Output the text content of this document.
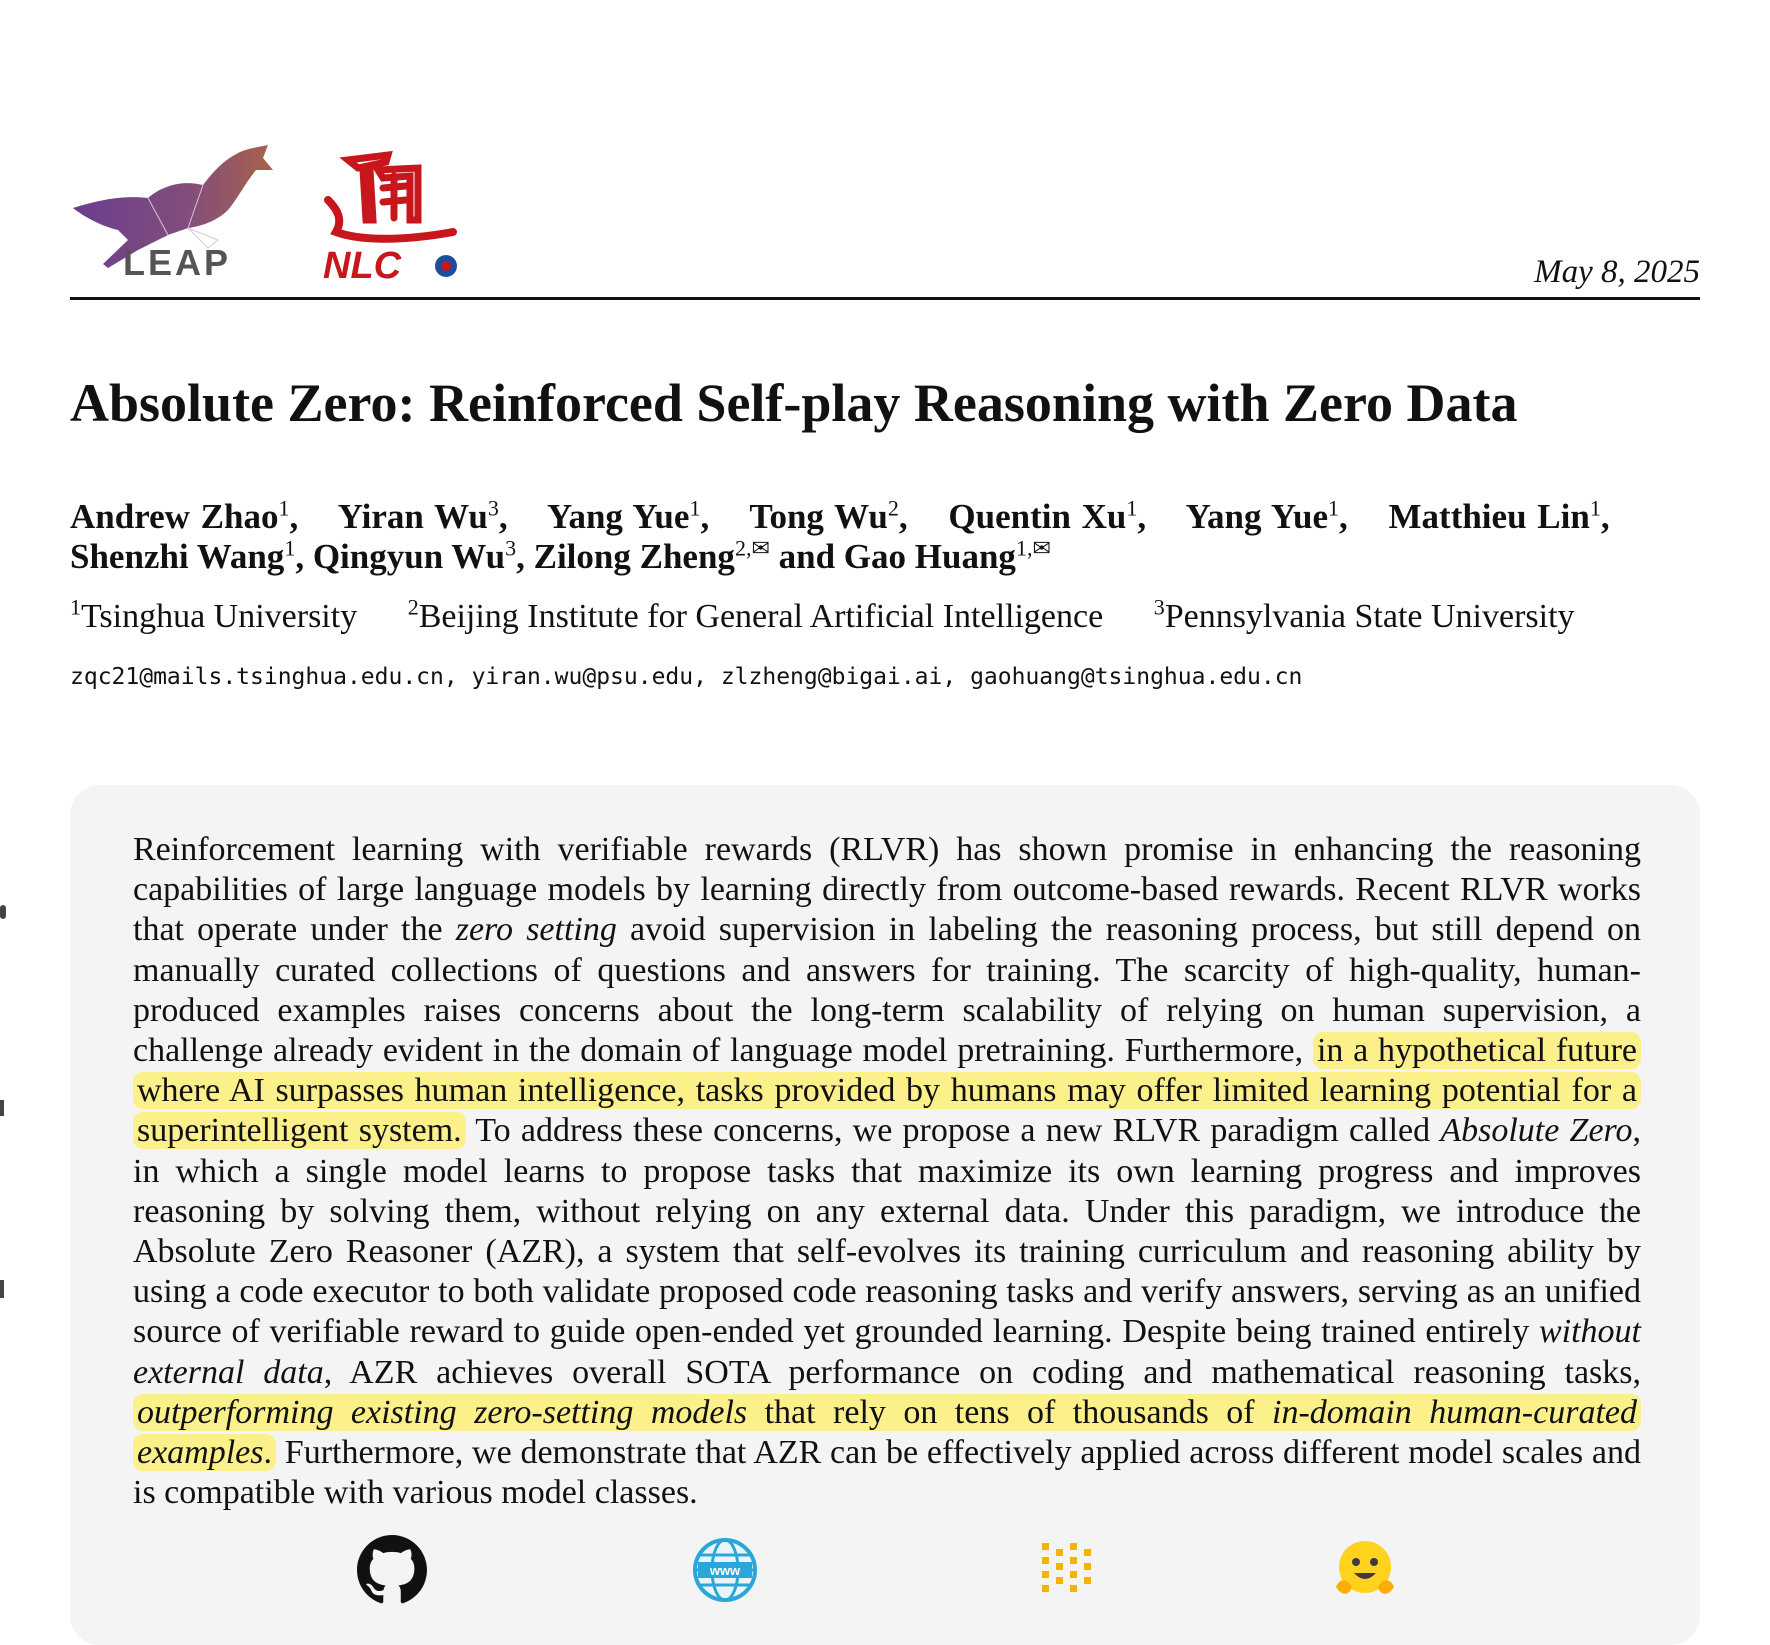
LEAP NLC	May 8, 2025
Absolute Zero: Reinforced Self-play Reasoning with Zero Data
Andrew Zhao$^1$, Yiran Wu$^3$, Yang Yue$^1$, Tong Wu$^2$, Quentin Xu$^1$, Yang Yue$^1$, Matthieu Lin$^1$,
Shenzhi Wang$^1$, Qingyun Wu$^3$, Zilong Zheng$^{2,✉}$ and Gao Huang$^{1,✉}$
$^1$Tsinghua University $^2$Beijing Institute for General Artificial Intelligence $^3$Pennsylvania State University
zqc21@mails.tsinghua.edu.cn, yiran.wu@psu.edu, zlzheng@bigai.ai, gaohuang@tsinghua.edu.cn
Reinforcement learning with verifiable rewards (RLVR) has shown promise in enhancing the reasoning capabilities of large language models by learning directly from outcome-based rewards. Recent RLVR works that operate under the zero setting avoid supervision in labeling the reasoning process, but still depend on manually curated collections of questions and answers for training. The scarcity of high-quality, human-produced examples raises concerns about the long-term scalability of relying on human supervision, a challenge already evident in the domain of language model pretraining. Furthermore, in a hypothetical future where AI surpasses human intelligence, tasks provided by humans may offer limited learning potential for a superintelligent system. To address these concerns, we propose a new RLVR paradigm called Absolute Zero, in which a single model learns to propose tasks that maximize its own learning progress and improves reasoning by solving them, without relying on any external data. Under this paradigm, we introduce the Absolute Zero Reasoner (AZR), a system that self-evolves its training curriculum and reasoning ability by using a code executor to both validate proposed code reasoning tasks and verify answers, serving as an unified source of verifiable reward to guide open-ended yet grounded learning. Despite being trained entirely without external data, AZR achieves overall SOTA performance on coding and mathematical reasoning tasks, outperforming existing zero-setting models that rely on tens of thousands of in-domain human-curated examples. Furthermore, we demonstrate that AZR can be effectively applied across different model scales and is compatible with various model classes.
www
